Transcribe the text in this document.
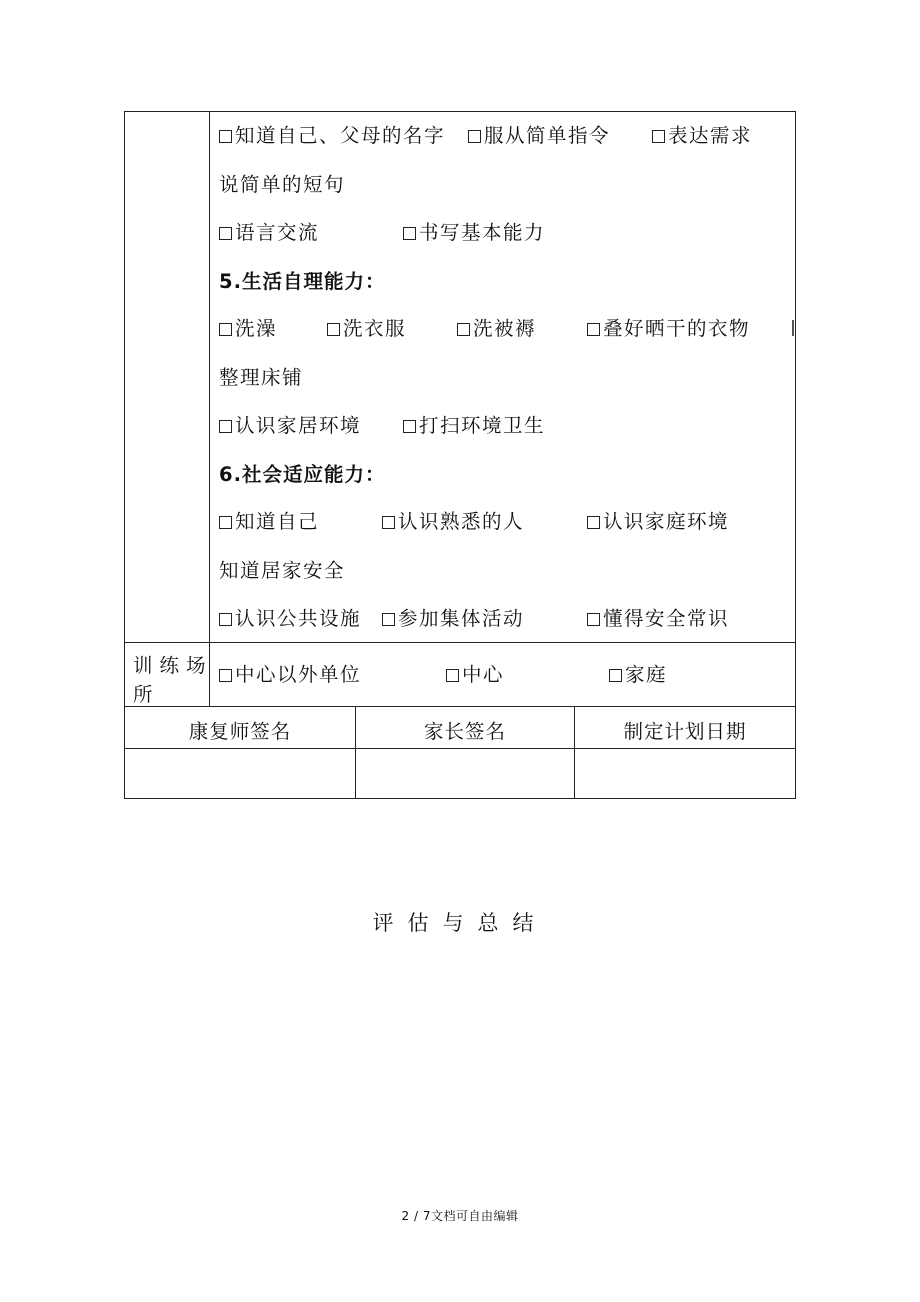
知道自己、父母的名字	服从简单指令	表达需求
说简单的短句
语言交流	书写基本能力
5.生活自理能力：
洗澡	洗衣服	洗被褥	叠好晒干的衣物
整理床铺
认识家居环境	打扫环境卫生
6.社会适应能力：
知道自己	认识熟悉的人	认识家庭环境
知道居家安全
认识公共设施	参加集体活动	懂得安全常识
训练场
所
中心以外单位	中心	家庭
康复师签名	家长签名	制定计划日期
评估与总结
2 / 7文档可自由编辑
